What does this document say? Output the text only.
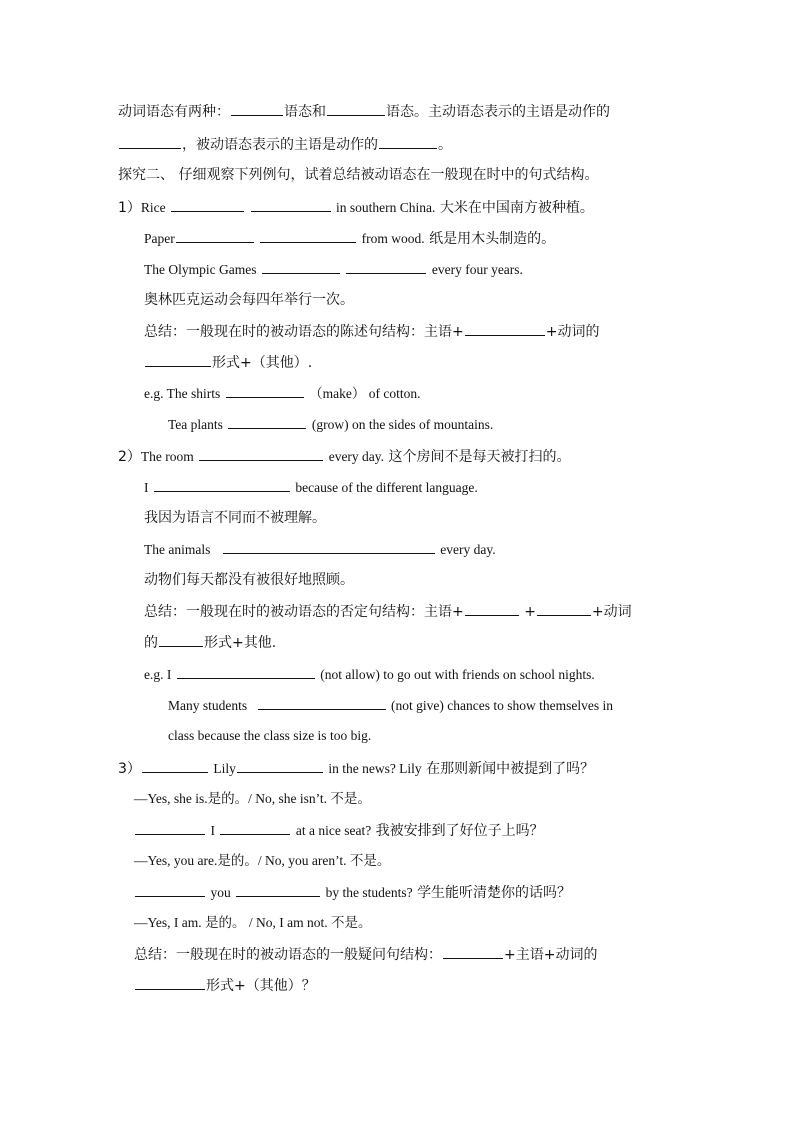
动词语态有两种：	语态和	语态。主动语态表示的主语是动作的
，被动语态表示的主语是动作的	。
探究二、 仔细观察下列例句，试着总结被动语态在一般现在时中的句式结构。
1）Rice	in southern China. 大米在中国南方被种植。
Paper	from wood. 纸是用木头制造的。
The Olympic Games	every four years.
奥林匹克运动会每四年举行一次。
总结：一般现在时的被动语态的陈述句结构：主语+	+动词的
形式+（其他）.
e.g. The shirts	（make） of cotton.
Tea plants	(grow) on the sides of mountains.
2）The room	every day. 这个房间不是每天被打扫的。
I	because of the different language.
我因为语言不同而不被理解。
The animals	every day.
动物们每天都没有被很好地照顾。
总结：一般现在时的被动语态的否定句结构：主语+	+	+动词
的	形式+其他.
e.g. I	(not allow) to go out with friends on school nights.
Many students	(not give) chances to show themselves in
class because the class size is too big.
3）	Lily	in the news? Lily 在那则新闻中被提到了吗？
—Yes, she is.是的。/ No, she isn’t. 不是。
I	at a nice seat? 我被安排到了好位子上吗？
—Yes, you are.是的。/ No, you aren’t. 不是。
you	by the students? 学生能听清楚你的话吗？
—Yes, I am. 是的。 / No, I am not. 不是。
总结：一般现在时的被动语态的一般疑问句结构：	+主语+动词的
形式+（其他）？
